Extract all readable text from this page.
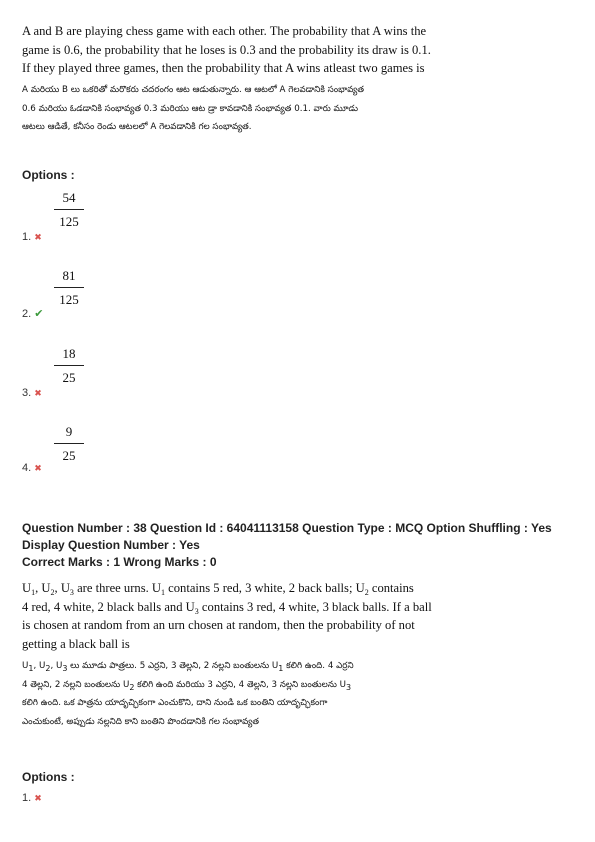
A and B are playing chess game with each other. The probability that A wins the
game is 0.6, the probability that he loses is 0.3 and the probability its draw is 0.1.
If they played three games, then the probability that A wins atleast two games is
A మరియు B లు ఒకరితో మరొకరు చదరంగం ఆట ఆడుతున్నారు. ఆ ఆటలో A గెలవడానికి సంభావ్యత
0.6 మరియు ఓడడానికి సంభావ్యత 0.3 మరియు ఆట డ్రా కావడానికి సంభావ్యత 0.1. వారు మూడు
ఆటలు ఆడితే, కనీసం రెండు ఆటలలో A గెలవడానికి గల సంభావ్యత.
Options :
54
125
1. ✖
81
125
2. ✔
18
25
3. ✖
9
25
4. ✖
Question Number : 38 Question Id : 64041113158 Question Type : MCQ Option Shuffling : Yes
Display Question Number : Yes
Correct Marks : 1 Wrong Marks : 0
$U_1$, $U_2$, $U_3$ are three urns. $U_1$ contains 5 red, 3 white, 2 back balls; $U_2$ contains
4 red, 4 white, 2 black balls and $U_3$ contains 3 red, 4 white, 3 black balls. If a ball
is chosen at random from an urn chosen at random, then the probability of not
getting a black ball is
$U_1$, $U_2$, $U_3$ లు మూడు పాత్రలు. 5 ఎర్రని, 3 తెల్లని, 2 నల్లని బంతులను $U_1$ కలిగి ఉంది. 4 ఎర్రని
4 తెల్లని, 2 నల్లని బంతులను $U_2$ కలిగి ఉంది మరియు 3 ఎర్రని, 4 తెల్లని, 3 నల్లని బంతులను $U_3$
కలిగి ఉంది. ఒక పాత్రను యాదృచ్ఛికంగా ఎంచుకొని, దాని నుండి ఒక బంతిని యాదృచ్ఛికంగా
ఎంచుకుంటే, అప్పుడు నల్లనిది కాని బంతిని పొందడానికి గల సంభావ్యత
Options :
1. ✖
